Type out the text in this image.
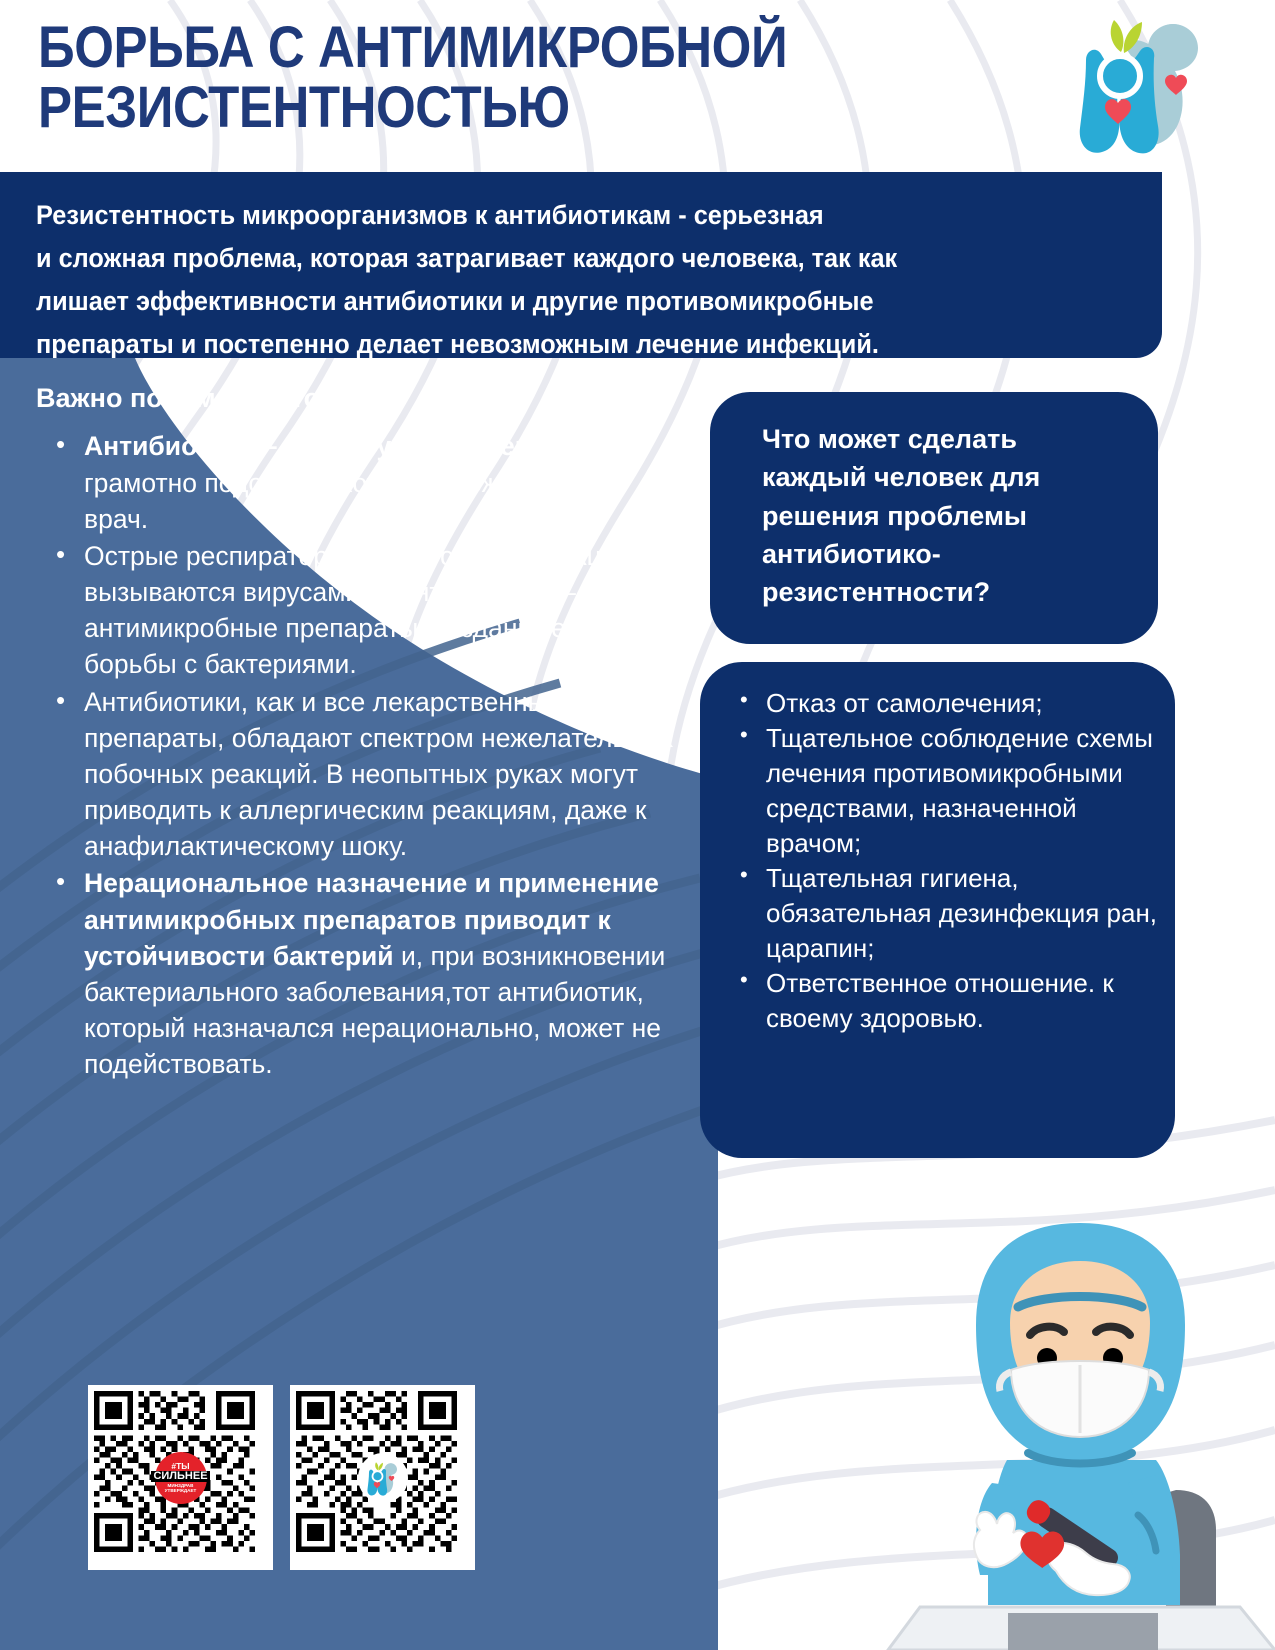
БОРЬБА С АНТИМИКРОБНОЙ
РЕЗИСТЕНТНОСТЬЮ
Резистентность микроорганизмов к антибиотикам - серьезная
и сложная проблема, которая затрагивает каждого человека, так как
лишает эффективности антибиотики и другие противомикробные
препараты и постепенно делает невозможным лечение инфекций.
Важно понимать, что:
• Антибиотики – рецептурные препараты, грамотно подобрать которые может только врач.
• Острые респираторные вирусные инфекции вызываются вирусами. А антибиотики – антимикробные препараты, созданные для борьбы с бактериями.
• Антибиотики, как и все лекарственные препараты, обладают спектром нежелательных побочных реакций. В неопытных руках могут приводить к аллергическим реакциям, даже к анафилактическому шоку.
• Нерациональное назначение и применение антимикробных препаратов приводит к устойчивости бактерий и, при возникновении бактериального заболевания,тот антибиотик, который назначался нерационально, может не подействовать.
Что может сделать каждый человек для решения проблемы антибиотико-резистентности?
• Отказ от самолечения;
• Тщательное соблюдение схемы лечения противомикробными средствами, назначенной врачом;
• Тщательная гигиена, обязательная дезинфекция ран, царапин;
• Ответственное отношение. к своему здоровью.
#ТЫ
СИЛЬНЕЕ
МИНЗДРАВ УТВЕРЖДАЕТ
